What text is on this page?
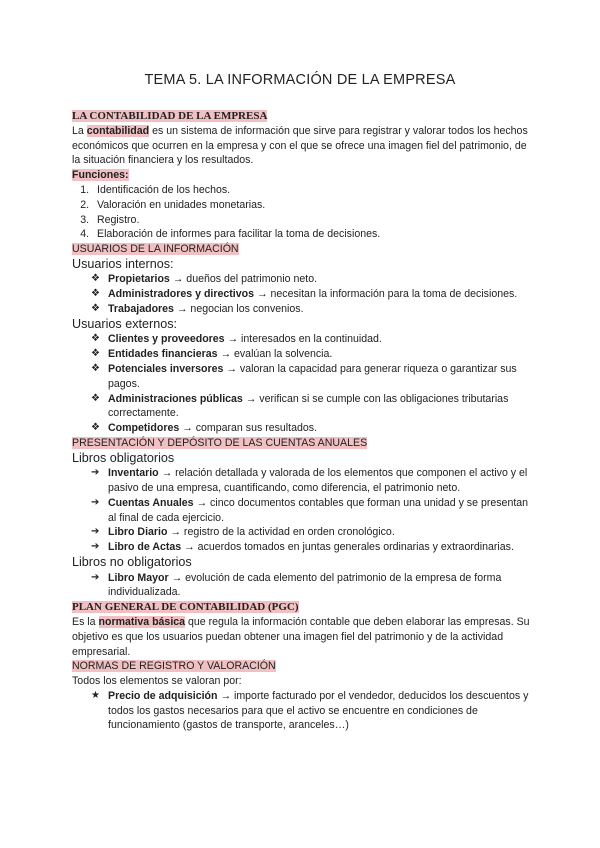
TEMA 5. LA INFORMACIÓN DE LA EMPRESA
LA CONTABILIDAD DE LA EMPRESA

La contabilidad es un sistema de información que sirve para registrar y valorar todos los hechos económicos que ocurren en la empresa y con el que se ofrece una imagen fiel del patrimonio, de la situación financiera y los resultados.

Funciones:
1. Identificación de los hechos.
2. Valoración en unidades monetarias.
3. Registro.
4. Elaboración de informes para facilitar la toma de decisiones.
USUARIOS DE LA INFORMACIÓN

Usuarios internos:

❖ Propietarios → dueños del patrimonio neto.
❖ Administradores y directivos → necesitan la información para la toma de decisiones.
❖ Trabajadores → negocian los convenios.

Usuarios externos:

❖ Clientes y proveedores → interesados en la continuidad.
❖ Entidades financieras → evalúan la solvencia.
❖ Potenciales inversores → valoran la capacidad para generar riqueza o garantizar sus pagos.
❖ Administraciones públicas → verifican si se cumple con las obligaciones tributarias correctamente.
❖ Competidores → comparan sus resultados.
PRESENTACIÓN Y DEPÓSITO DE LAS CUENTAS ANUALES

Libros obligatorios

➔ Inventario → relación detallada y valorada de los elementos que componen el activo y el pasivo de una empresa, cuantificando, como diferencia, el patrimonio neto.
➔ Cuentas Anuales → cinco documentos contables que forman una unidad y se presentan al final de cada ejercicio.
➔ Libro Diario → registro de la actividad en orden cronológico.
➔ Libro de Actas → acuerdos tomados en juntas generales ordinarias y extraordinarias.

Libros no obligatorios

➔ Libro Mayor → evolución de cada elemento del patrimonio de la empresa de forma individualizada.
PLAN GENERAL DE CONTABILIDAD (PGC)

Es la normativa básica que regula la información contable que deben elaborar las empresas. Su objetivo es que los usuarios puedan obtener una imagen fiel del patrimonio y de la actividad empresarial.

NORMAS DE REGISTRO Y VALORACIÓN

Todos los elementos se valoran por:

★ Precio de adquisición → importe facturado por el vendedor, deducidos los descuentos y todos los gastos necesarios para que el activo se encuentre en condiciones de funcionamiento (gastos de transporte, aranceles…)
